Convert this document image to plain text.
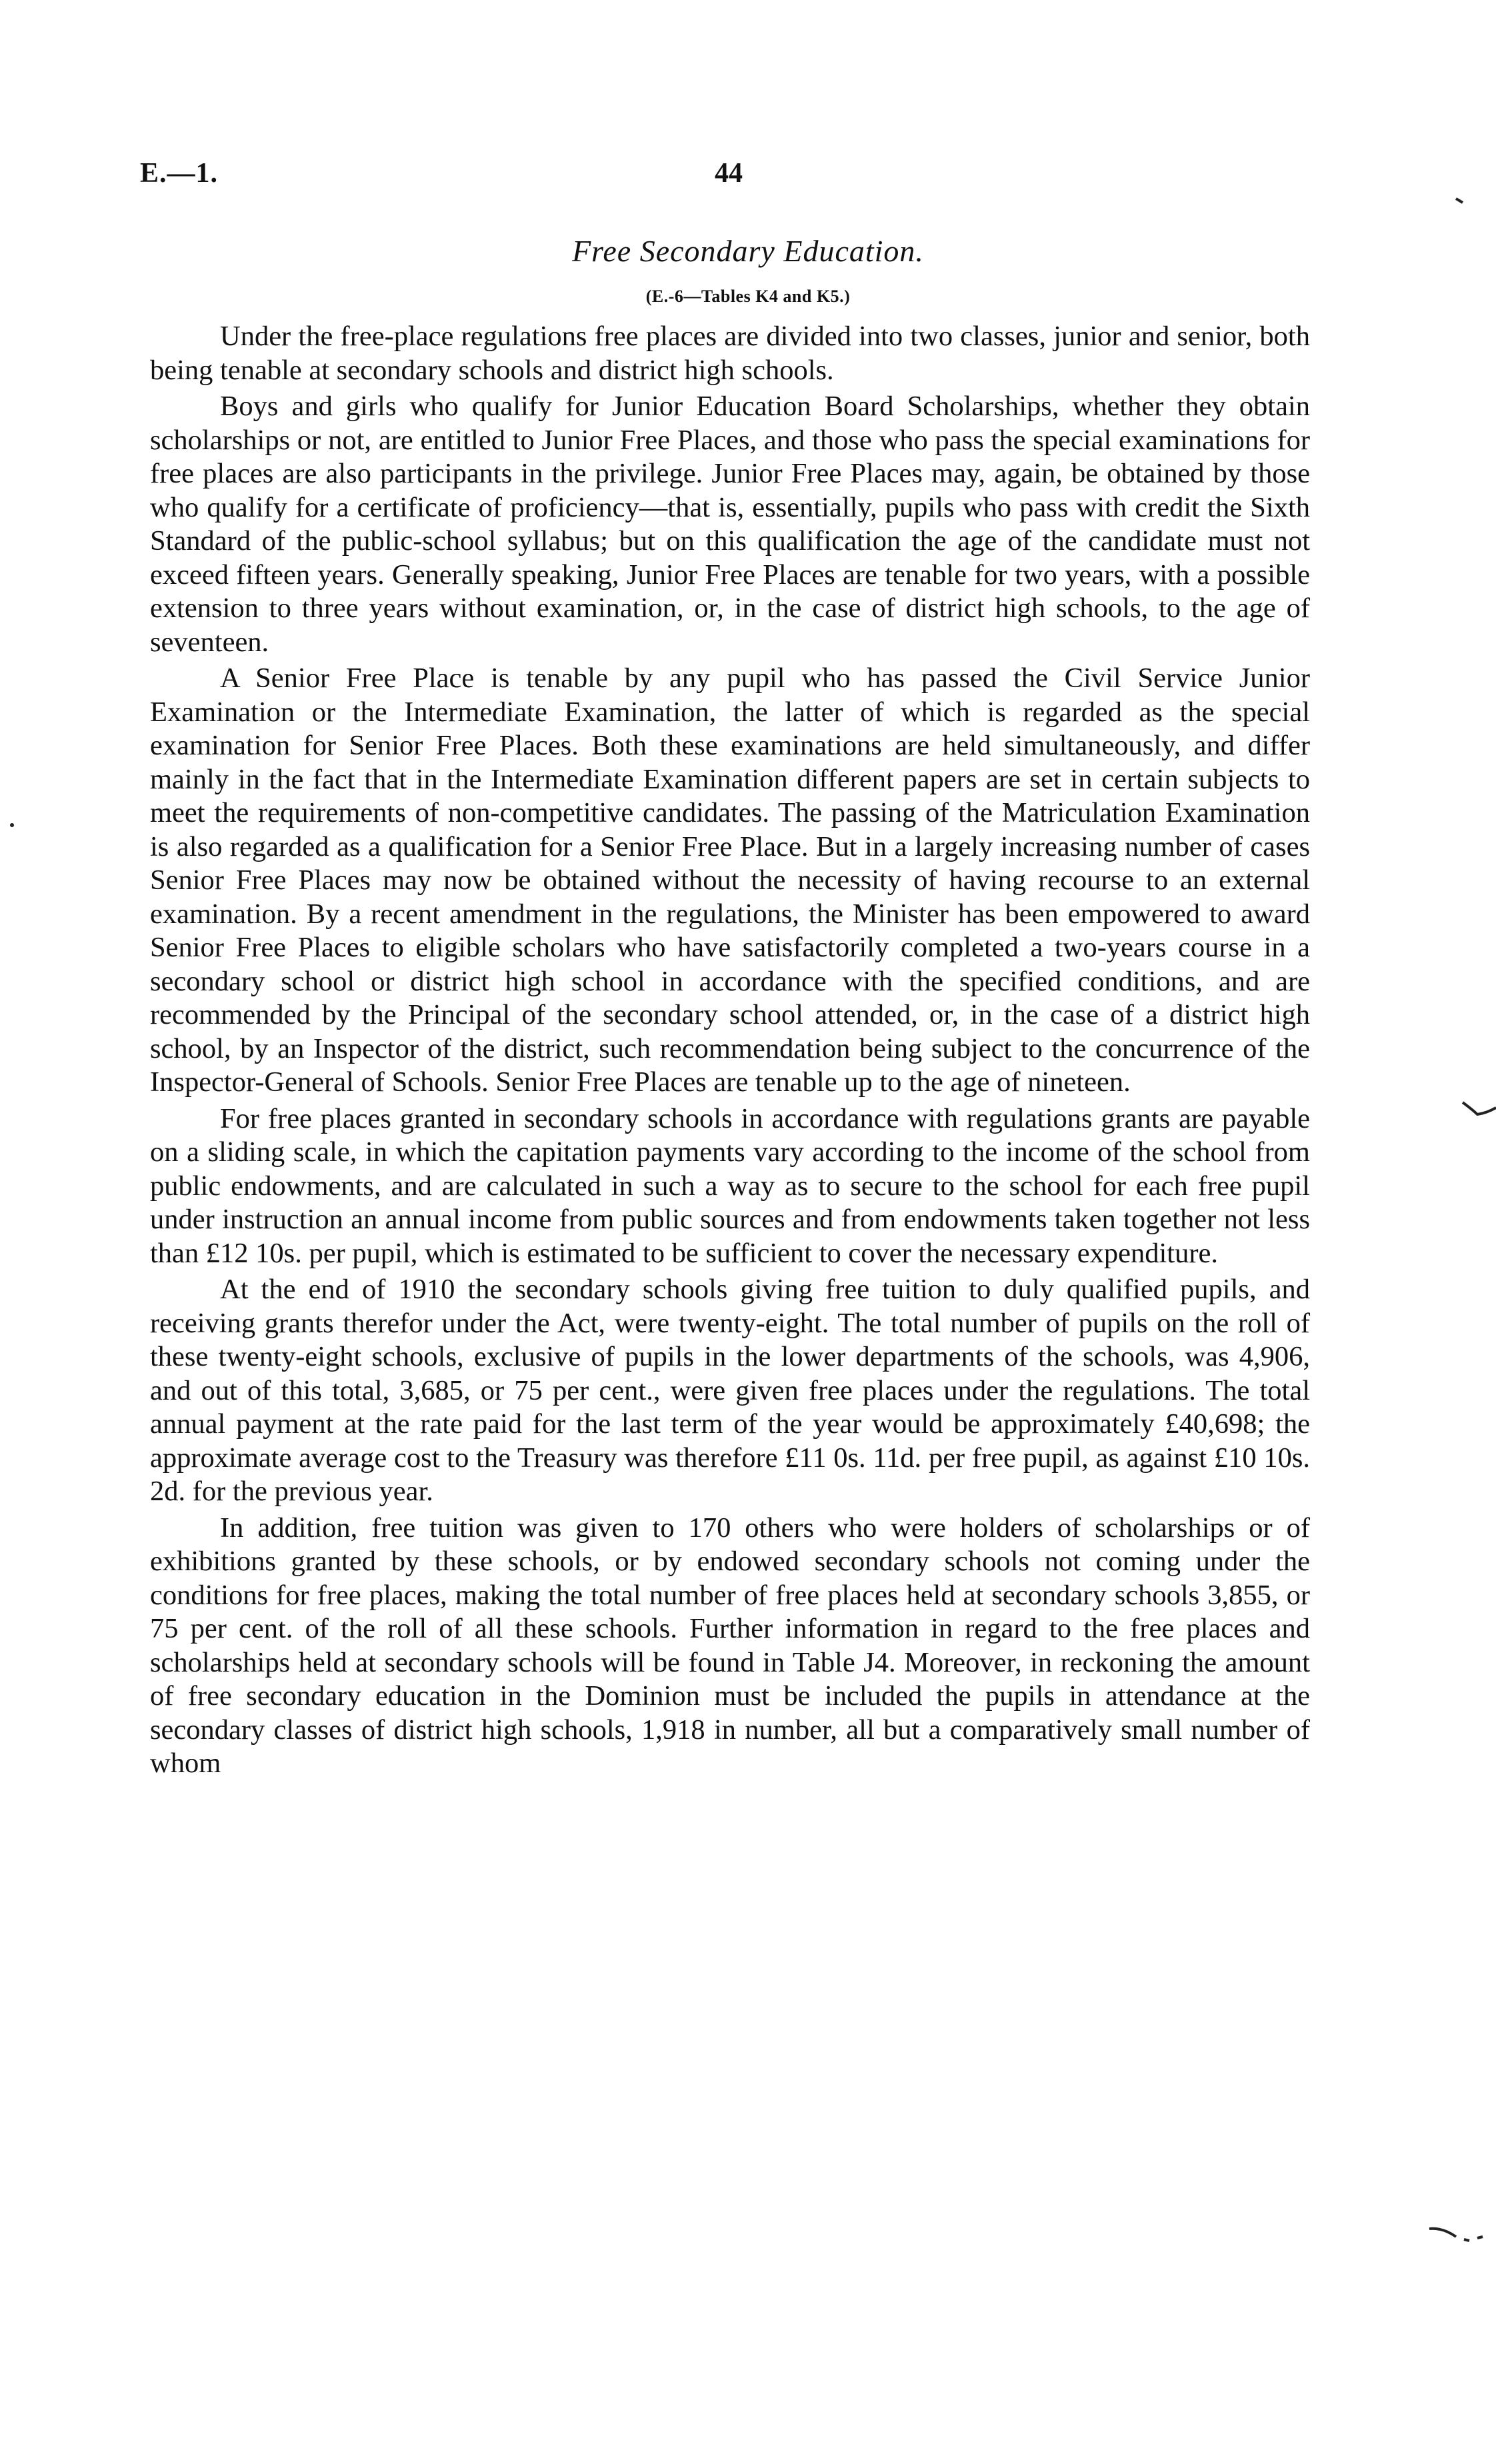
E.—1.	44
Free Secondary Education.
(E.-6—Tables K4 and K5.)

Under the free-place regulations free places are divided into two classes, junior and senior, both being tenable at secondary schools and district high schools.

Boys and girls who qualify for Junior Education Board Scholarships, whether they obtain scholarships or not, are entitled to Junior Free Places, and those who pass the special examinations for free places are also participants in the privilege. Junior Free Places may, again, be obtained by those who qualify for a certificate of proficiency—that is, essentially, pupils who pass with credit the Sixth Standard of the public-school syllabus; but on this qualification the age of the candidate must not exceed fifteen years. Generally speaking, Junior Free Places are tenable for two years, with a possible extension to three years without examination, or, in the case of district high schools, to the age of seventeen.

A Senior Free Place is tenable by any pupil who has passed the Civil Service Junior Examination or the Intermediate Examination, the latter of which is regarded as the special examination for Senior Free Places. Both these examinations are held simultaneously, and differ mainly in the fact that in the Intermediate Examination different papers are set in certain subjects to meet the requirements of non-competitive candidates. The passing of the Matriculation Examination is also regarded as a qualification for a Senior Free Place. But in a largely increasing number of cases Senior Free Places may now be obtained without the necessity of having recourse to an external examination. By a recent amendment in the regulations, the Minister has been empowered to award Senior Free Places to eligible scholars who have satisfactorily completed a two-years course in a secondary school or district high school in accordance with the specified conditions, and are recommended by the Principal of the secondary school attended, or, in the case of a district high school, by an Inspector of the district, such recommendation being subject to the concurrence of the Inspector-General of Schools. Senior Free Places are tenable up to the age of nineteen.

For free places granted in secondary schools in accordance with regulations grants are payable on a sliding scale, in which the capitation payments vary according to the income of the school from public endowments, and are calculated in such a way as to secure to the school for each free pupil under instruction an annual income from public sources and from endowments taken together not less than £12 10s. per pupil, which is estimated to be sufficient to cover the necessary expenditure.

At the end of 1910 the secondary schools giving free tuition to duly qualified pupils, and receiving grants therefor under the Act, were twenty-eight. The total number of pupils on the roll of these twenty-eight schools, exclusive of pupils in the lower departments of the schools, was 4,906, and out of this total, 3,685, or 75 per cent., were given free places under the regulations. The total annual payment at the rate paid for the last term of the year would be approximately £40,698; the approximate average cost to the Treasury was therefore £11 0s. 11d. per free pupil, as against £10 10s. 2d. for the previous year.

In addition, free tuition was given to 170 others who were holders of scholarships or of exhibitions granted by these schools, or by endowed secondary schools not coming under the conditions for free places, making the total number of free places held at secondary schools 3,855, or 75 per cent. of the roll of all these schools. Further information in regard to the free places and scholarships held at secondary schools will be found in Table J4. Moreover, in reckoning the amount of free secondary education in the Dominion must be included the pupils in attendance at the secondary classes of district high schools, 1,918 in number, all but a comparatively small number of whom
